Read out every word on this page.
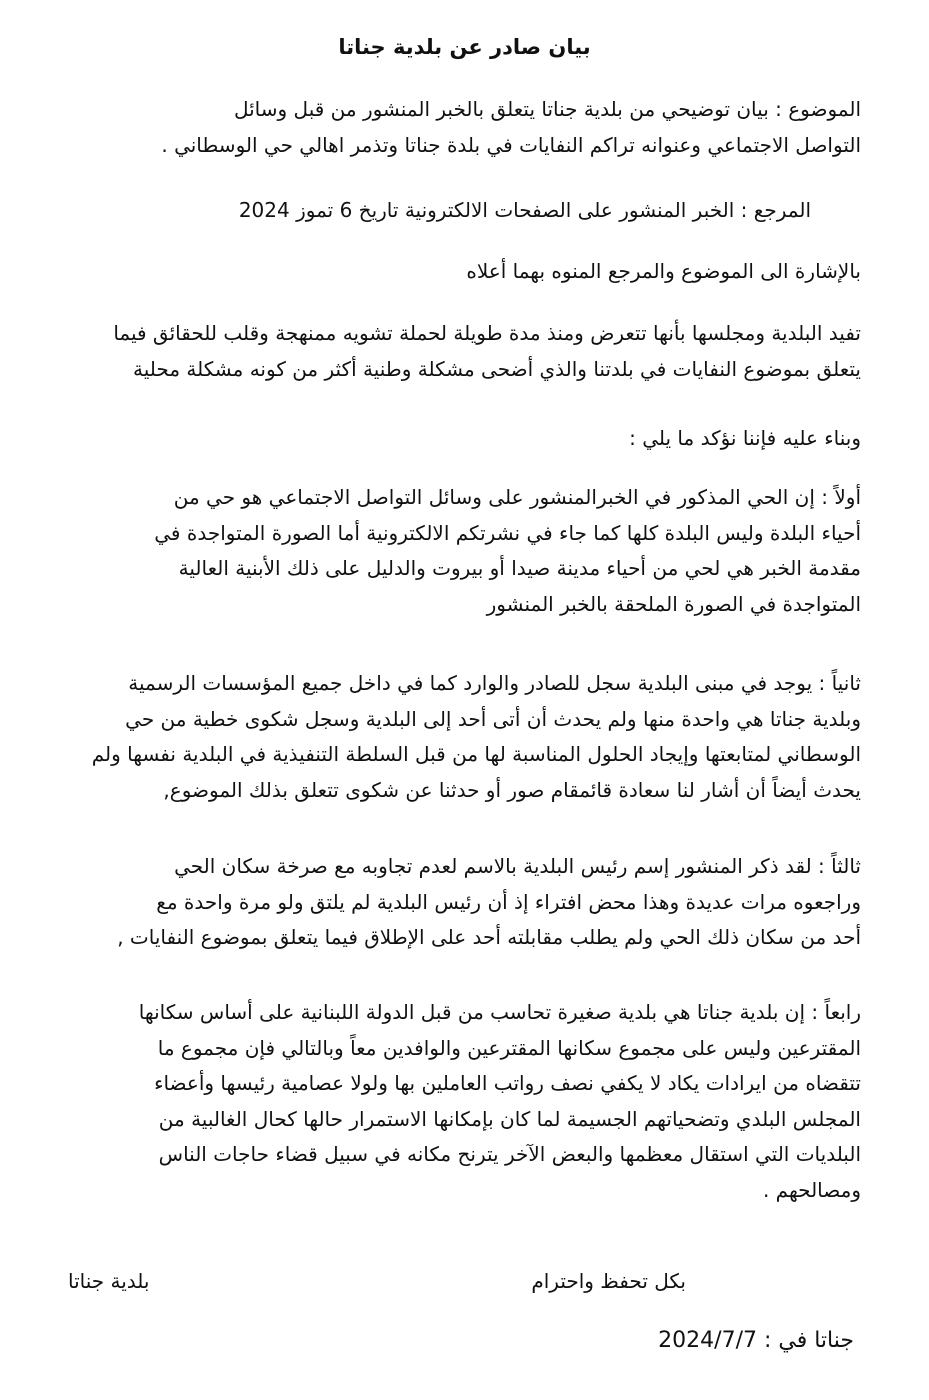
بيان صادر عن بلدية جناتا
الموضوع : بيان توضيحي من بلدية جناتا يتعلق بالخبر المنشور من قبل وسائل
التواصل الاجتماعي وعنوانه تراكم النفايات في بلدة جناتا وتذمر اهالي حي الوسطاني .
المرجع : الخبر المنشور على الصفحات الالكترونية تاريخ 6 تموز 2024
بالإشارة الى الموضوع والمرجع المنوه بهما أعلاه
تفيد البلدية ومجلسها بأنها تتعرض ومنذ مدة طويلة لحملة تشويه ممنهجة وقلب للحقائق فيما
يتعلق بموضوع النفايات في بلدتنا والذي أضحى مشكلة وطنية أكثر من كونه مشكلة محلية
وبناء عليه فإننا نؤكد ما يلي :
أولاً : إن الحي المذكور في الخبرالمنشور على وسائل التواصل الاجتماعي هو حي من
أحياء البلدة وليس البلدة كلها كما جاء في نشرتكم الالكترونية أما الصورة المتواجدة في
مقدمة الخبر هي لحي من أحياء مدينة صيدا أو بيروت والدليل على ذلك الأبنية العالية
المتواجدة في الصورة الملحقة بالخبر المنشور
ثانياً : يوجد في مبنى البلدية سجل للصادر والوارد كما في داخل جميع المؤسسات الرسمية
وبلدية جناتا هي واحدة منها ولم يحدث أن أتى أحد إلى البلدية وسجل شكوى خطية من حي
الوسطاني لمتابعتها وإيجاد الحلول المناسبة لها من قبل السلطة التنفيذية في البلدية نفسها ولم
يحدث أيضاً أن أشار لنا سعادة قائمقام صور أو حدثنا عن شكوى تتعلق بذلك الموضوع,
ثالثاً : لقد ذكر المنشور إسم رئيس البلدية بالاسم لعدم تجاوبه مع صرخة سكان الحي
وراجعوه مرات عديدة وهذا محض افتراء إذ أن رئيس البلدية لم يلتق ولو مرة واحدة مع
أحد من سكان ذلك الحي ولم يطلب مقابلته أحد على الإطلاق فيما يتعلق بموضوع النفايات ,
رابعاً : إن بلدية جناتا هي بلدية صغيرة تحاسب من قبل الدولة اللبنانية على أساس سكانها
المقترعين وليس على مجموع سكانها المقترعين والوافدين معاً وبالتالي فإن مجموع ما
تتقضاه من ايرادات يكاد لا يكفي نصف رواتب العاملين بها ولولا عصامية رئيسها وأعضاء
المجلس البلدي وتضحياتهم الجسيمة لما كان بإمكانها الاستمرار حالها كحال الغالبية من
البلديات التي استقال معظمها والبعض الآخر يترنح مكانه في سبيل قضاء حاجات الناس
ومصالحهم .
بكل تحفظ واحترام
بلدية جناتا
جناتا في : 2024/7/7
